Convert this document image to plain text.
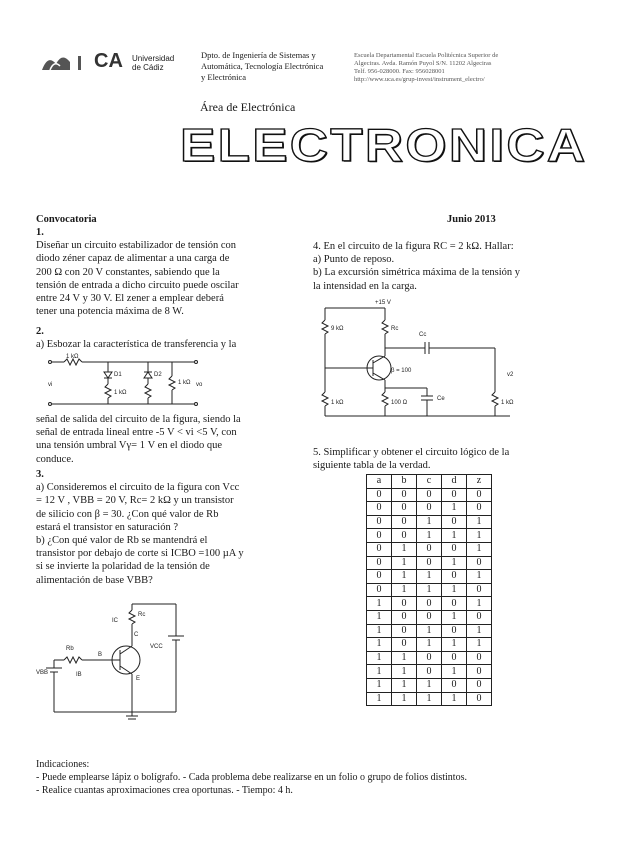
CA Universidad
de Cádiz
Dpto. de Ingeniería de Sistemas y
Automática, Tecnología Electrónica
y Electrónica
Escuela Departamental Escuela Politécnica Superior de
Algeciras. Avda. Ramón Puyol S/N. 11202 Algeciras
Telf. 956-028000. Fax: 956028001
http://www.uca.es/grup-invest/instrument_electro/
Área de Electrónica
ELECTRONICA
Convocatoria	Junio 2013
1.
Diseñar un circuito estabilizador de tensión con
diodo zéner capaz de alimentar a una carga de
200 Ω con 20 V constantes, sabiendo que la
tensión de entrada a dicho circuito puede oscilar
entre 24 V y 30 V. El zener a emplear deberá
tener una potencia máxima de 8 W.
2.
a) Esbozar la característica de transferencia y la
1 kΩ
D1
1 kΩ
D2
1 kΩ
vi	vo
señal de salida del circuito de la figura, siendo la
señal de entrada lineal entre -5 V < vi <5 V, con
una tensión umbral Vγ= 1 V en el diodo que
conduce.
3.
a) Consideremos el circuito de la figura con Vcc
= 12 V , VBB = 20 V, Rc= 2 kΩ y un transistor
de silicio con β = 30. ¿Con qué valor de Rb
estará el transistor en saturación ?
b) ¿Con qué valor de Rb se mantendrá el
transistor por debajo de corte si ICBO =100 µA y
si se invierte la polaridad de la tensión de
alimentación de base VBB?
Rc
IC
C
VCC
E
B
Rb
VBB	IB
4. En el circuito de la figura RC = 2 kΩ. Hallar:
a) Punto de reposo.
b) La excursión simétrica máxima de la tensión y
la intensidad en la carga.
+15 V
9 kΩ	Rc
Cc
β = 100
1 kΩ	100 Ω
Ce
1 kΩ
v2
5. Simplificar y obtener el circuito lógico de la
siguiente tabla de la verdad.
a	b	c	d	z
0	0	0	0	0
0	0	0	1	0
0	0	1	0	1
0	0	1	1	1
0	1	0	0	1
0	1	0	1	0
0	1	1	0	1
0	1	1	1	0
1	0	0	0	1
1	0	0	1	0
1	0	1	0	1
1	0	1	1	1
1	1	0	0	0
1	1	0	1	0
1	1	1	0	0
1	1	1	1	0
Indicaciones:
- Puede emplearse lápiz o bolígrafo. - Cada problema debe realizarse en un folio o grupo de folios distintos.
- Realice cuantas aproximaciones crea oportunas. - Tiempo: 4 h.
